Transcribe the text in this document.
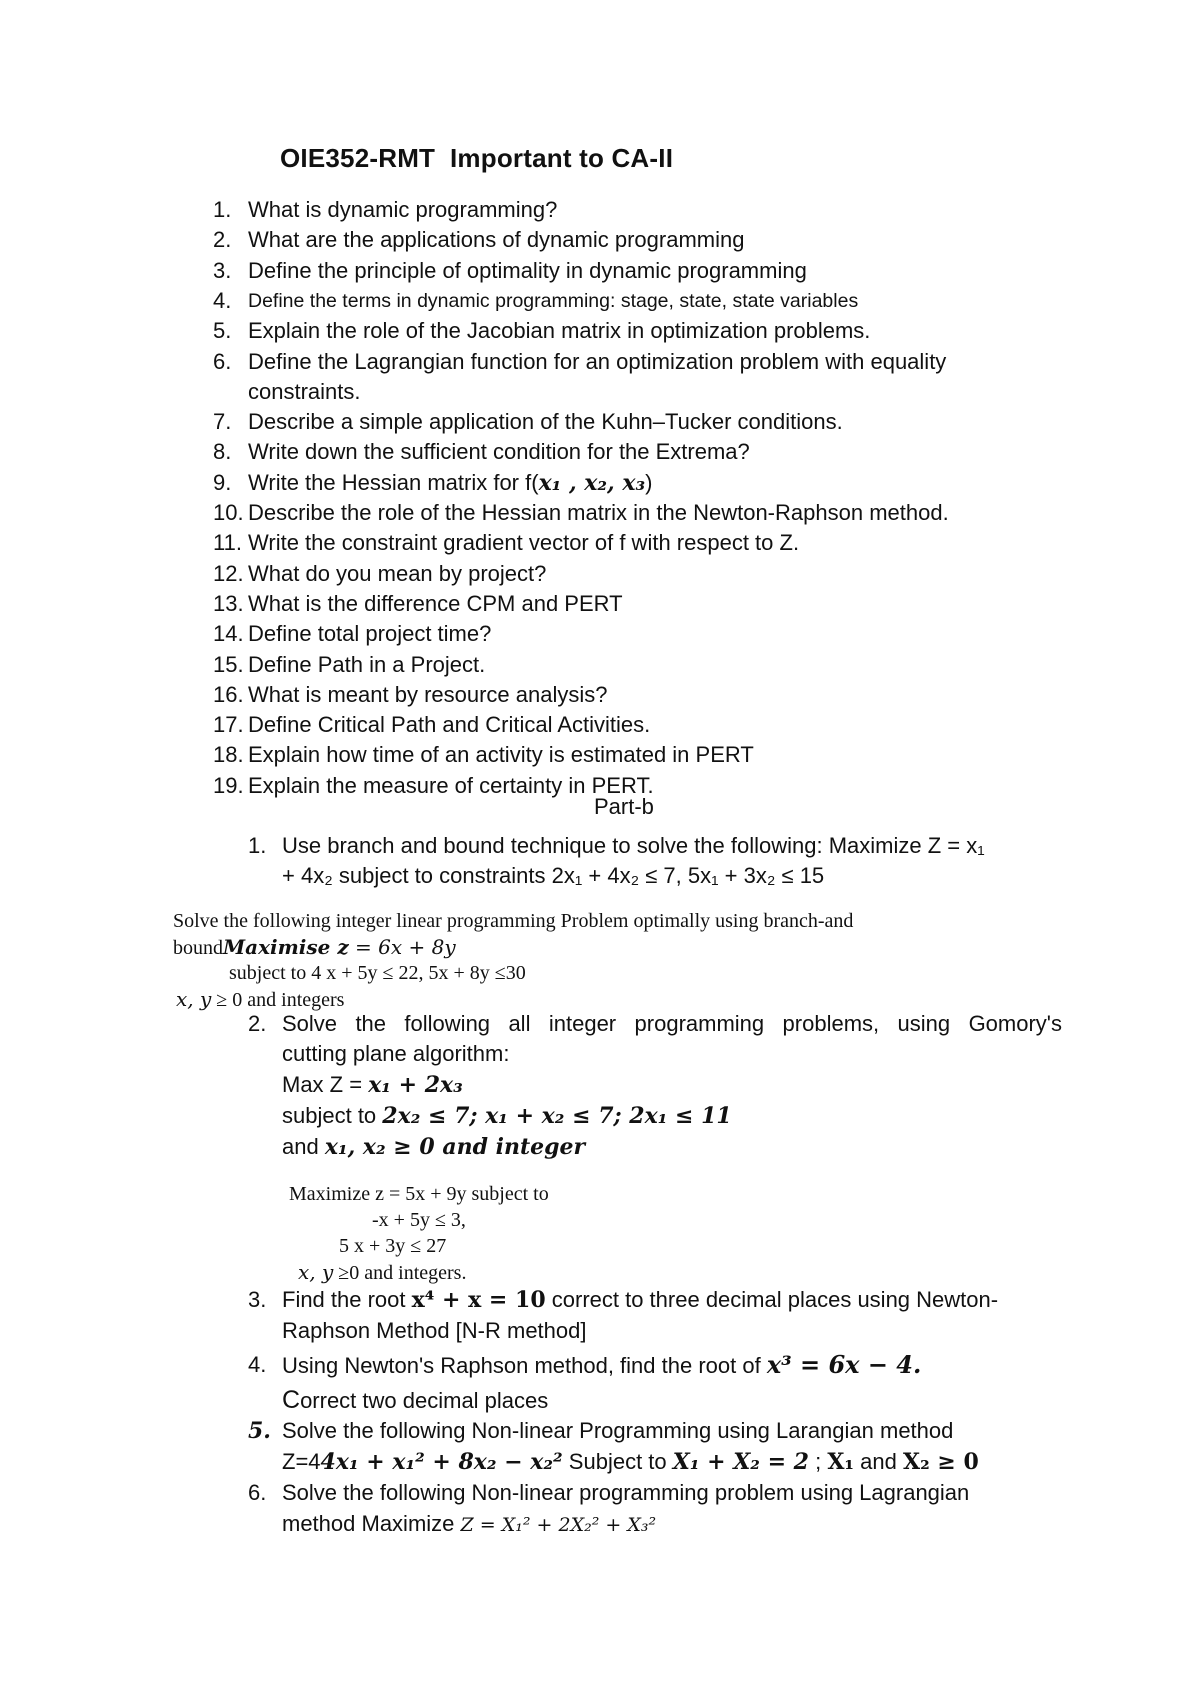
OIE352-RMT  Important to CA-II
1. What is dynamic programming?
2. What are the applications of dynamic programming
3. Define the principle of optimality in dynamic programming
4. Define the terms in dynamic programming: stage, state, state variables
5. Explain the role of the Jacobian matrix in optimization problems.
6. Define the Lagrangian function for an optimization problem with equality
constraints.
7. Describe a simple application of the Kuhn–Tucker conditions.
8. Write down the sufficient condition for the Extrema?
9. Write the Hessian matrix for f(x₁ , x₂, x₃)
10. Describe the role of the Hessian matrix in the Newton-Raphson method.
11. Write the constraint gradient vector of f with respect to Z.
12. What do you mean by project?
13. What is the difference CPM and PERT
14. Define total project time?
15. Define Path in a Project.
16. What is meant by resource analysis?
17. Define Critical Path and Critical Activities.
18. Explain how time of an activity is estimated in PERT
19. Explain the measure of certainty in PERT.
Part-b
1. Use branch and bound technique to solve the following: Maximize Z = x₁
+ 4x₂ subject to constraints 2x₁ + 4x₂ ≤ 7, 5x₁ + 3x₂ ≤ 15
Solve the following integer linear programming Problem optimally using branch-and
boundMaximise z = 6x + 8y
subject to 4 x + 5y ≤ 22, 5x + 8y ≤30
x, y ≥ 0 and integers
2. Solve the following all integer programming problems, using Gomory's
cutting plane algorithm:
Max Z = x₁ + 2x₃
subject to 2x₂ ≤ 7; x₁ + x₂ ≤ 7; 2x₁ ≤ 11
and x₁, x₂ ≥ 0 and integer
Maximize z = 5x + 9y subject to
-x + 5y ≤ 3,
5 x + 3y ≤ 27
x, y ≥0 and integers.
3. Find the root x⁴ + x = 10 correct to three decimal places using Newton-
Raphson Method [N-R method]
4. Using Newton's Raphson method, find the root of x³ = 6x − 4.
Correct two decimal places
5. Solve the following Non-linear Programming using Larangian method
Z=44x₁ + x₁² + 8x₂ − x₂² Subject to X₁ + X₂ = 2 ; X₁ and X₂ ≥ 0
6. Solve the following Non-linear programming problem using Lagrangian
method Maximize Z = X₁² + 2X₂² + X₃²
